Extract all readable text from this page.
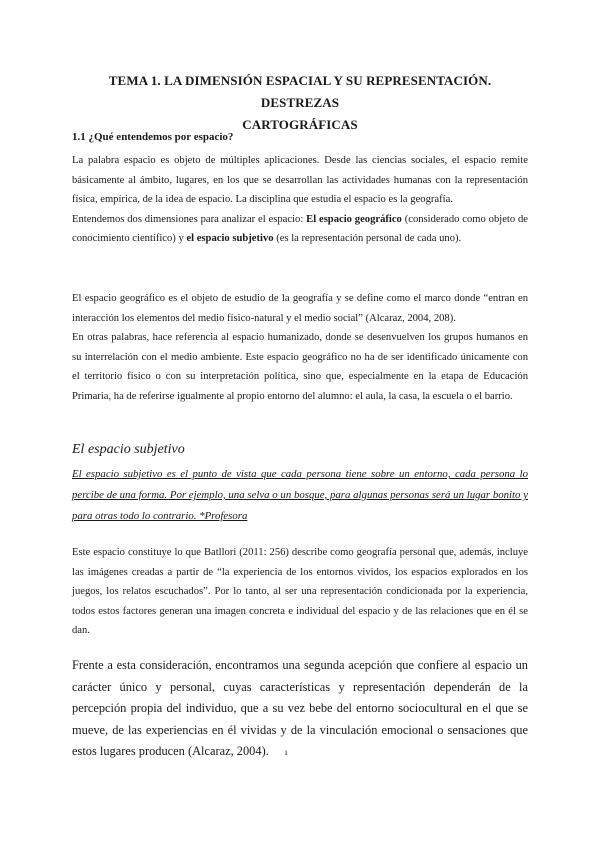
TEMA 1. LA DIMENSIÓN ESPACIAL Y SU REPRESENTACIÓN. DESTREZAS
CARTOGRÁFICAS
1.1 ¿Qué entendemos por espacio?

La palabra espacio es objeto de múltiples aplicaciones. Desde las ciencias sociales, el espacio remite básicamente al ámbito, lugares, en los que se desarrollan las actividades humanas con la representación física, empírica, de la idea de espacio. La disciplina que estudia el espacio es la geografía.

Entendemos dos dimensiones para analizar el espacio: El espacio geográfico (considerado como objeto de conocimiento científico) y el espacio subjetivo (es la representación personal de cada uno).

El espacio geográfico es el objeto de estudio de la geografía y se define como el marco donde “entran en interacción los elementos del medio físico-natural y el medio social” (Alcaraz, 2004, 208).

En otras palabras, hace referencia al espacio humanizado, donde se desenvuelven los grupos humanos en su interrelación con el medio ambiente. Este espacio geográfico no ha de ser identificado únicamente con el territorio físico o con su interpretación política, sino que, especialmente en la etapa de Educación Primaria, ha de referirse igualmente al propio entorno del alumno: el aula, la casa, la escuela o el barrio.

El espacio subjetivo
El espacio subjetivo es el punto de vista que cada persona tiene sobre un entorno, cada persona lo percibe de una forma. Por ejemplo, una selva o un bosque, para algunas personas será un lugar bonito y para otras todo lo contrario. *Profesora

Este espacio constituye lo que Batllori (2011: 256) describe como geografía personal que, además, incluye las imágenes creadas a partir de “la experiencia de los entornos vividos, los espacios explorados en los juegos, los relatos escuchados”. Por lo tanto, al ser una representación condicionada por la experiencia, todos estos factores generan una imagen concreta e individual del espacio y de las relaciones que en él se dan.

Frente a esta consideración, encontramos una segunda acepción que confiere al espacio un carácter único y personal, cuyas características y representación dependerán de la percepción propia del individuo, que a su vez bebe del entorno sociocultural en el que se mueve, de las experiencias en él vividas y de la vinculación emocional o sensaciones que estos lugares producen (Alcaraz, 2004). ı
